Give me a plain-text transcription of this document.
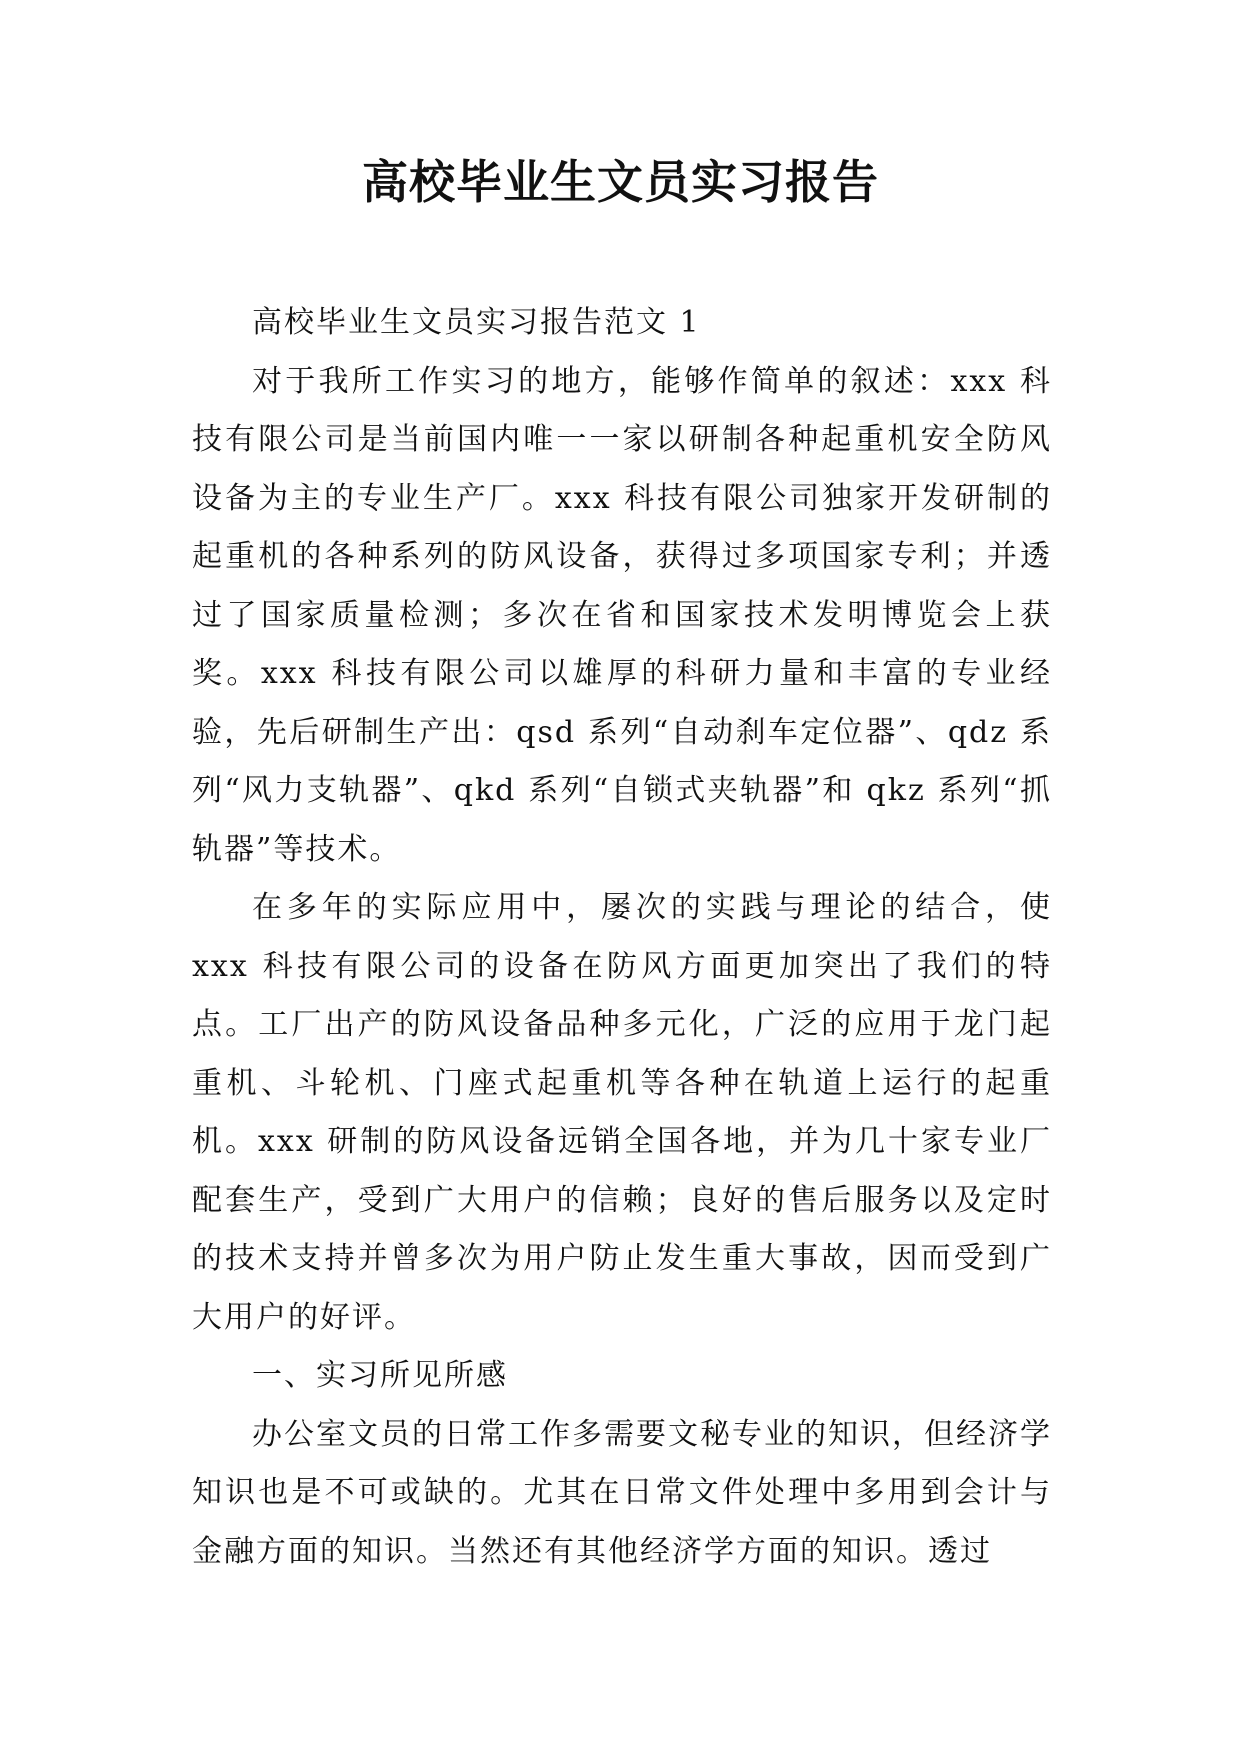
高校毕业生文员实习报告

高校毕业生文员实习报告范文 1

对于我所工作实习的地方，能够作简单的叙述：xxx 科技有限公司是当前国内唯一一家以研制各种起重机安全防风设备为主的专业生产厂。xxx 科技有限公司独家开发研制的起重机的各种系列的防风设备，获得过多项国家专利；并透过了国家质量检测；多次在省和国家技术发明博览会上获奖。xxx 科技有限公司以雄厚的科研力量和丰富的专业经验，先后研制生产出：qsd 系列“自动刹车定位器”、qdz 系列“风力支轨器”、qkd 系列“自锁式夹轨器”和 qkz 系列“抓轨器”等技术。

在多年的实际应用中，屡次的实践与理论的结合，使 xxx 科技有限公司的设备在防风方面更加突出了我们的特点。工厂出产的防风设备品种多元化，广泛的应用于龙门起重机、斗轮机、门座式起重机等各种在轨道上运行的起重机。xxx 研制的防风设备远销全国各地，并为几十家专业厂配套生产，受到广大用户的信赖；良好的售后服务以及定时的技术支持并曾多次为用户防止发生重大事故，因而受到广大用户的好评。

一、实习所见所感

办公室文员的日常工作多需要文秘专业的知识，但经济学知识也是不可或缺的。尤其在日常文件处理中多用到会计与金融方面的知识。当然还有其他经济学方面的知识。透过
